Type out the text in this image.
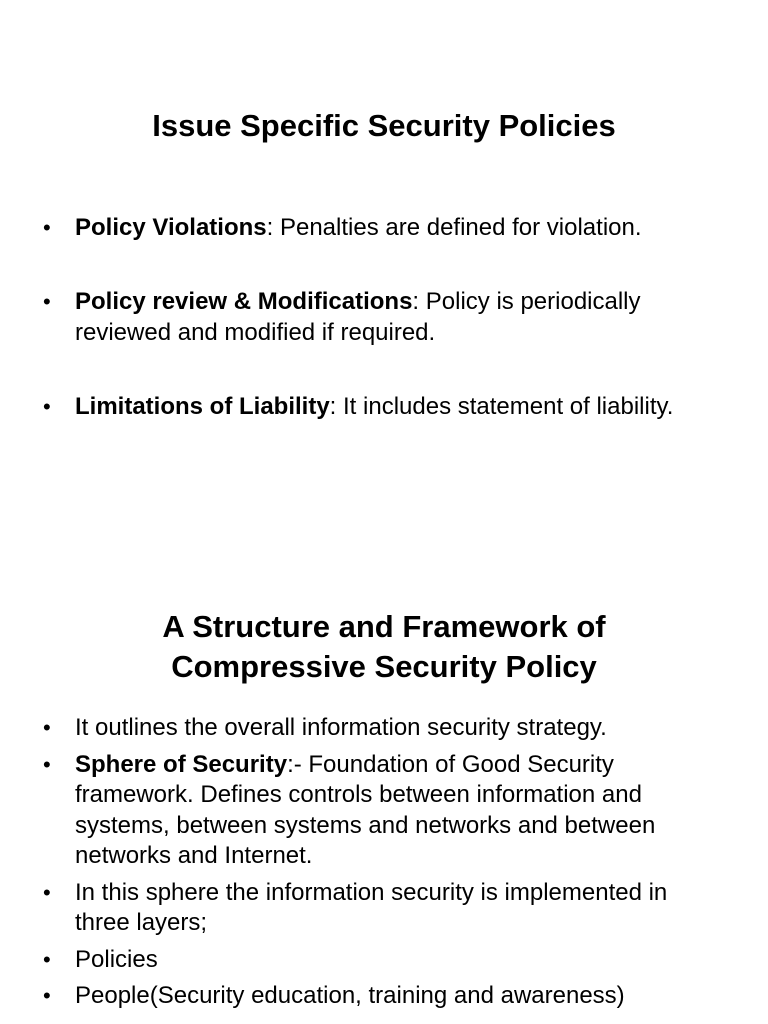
Issue Specific Security Policies
• Policy Violations: Penalties are defined for violation.
• Policy review & Modifications: Policy is periodically reviewed and modified if required.
• Limitations of Liability: It includes statement of liability.
A Structure and Framework of
Compressive Security Policy
• It outlines the overall information security strategy.
• Sphere of Security:- Foundation of Good Security framework. Defines controls between information and systems, between systems and networks and between networks and Internet.
• In this sphere the information security is implemented in three layers;
• Policies
• People(Security education, training and awareness)
